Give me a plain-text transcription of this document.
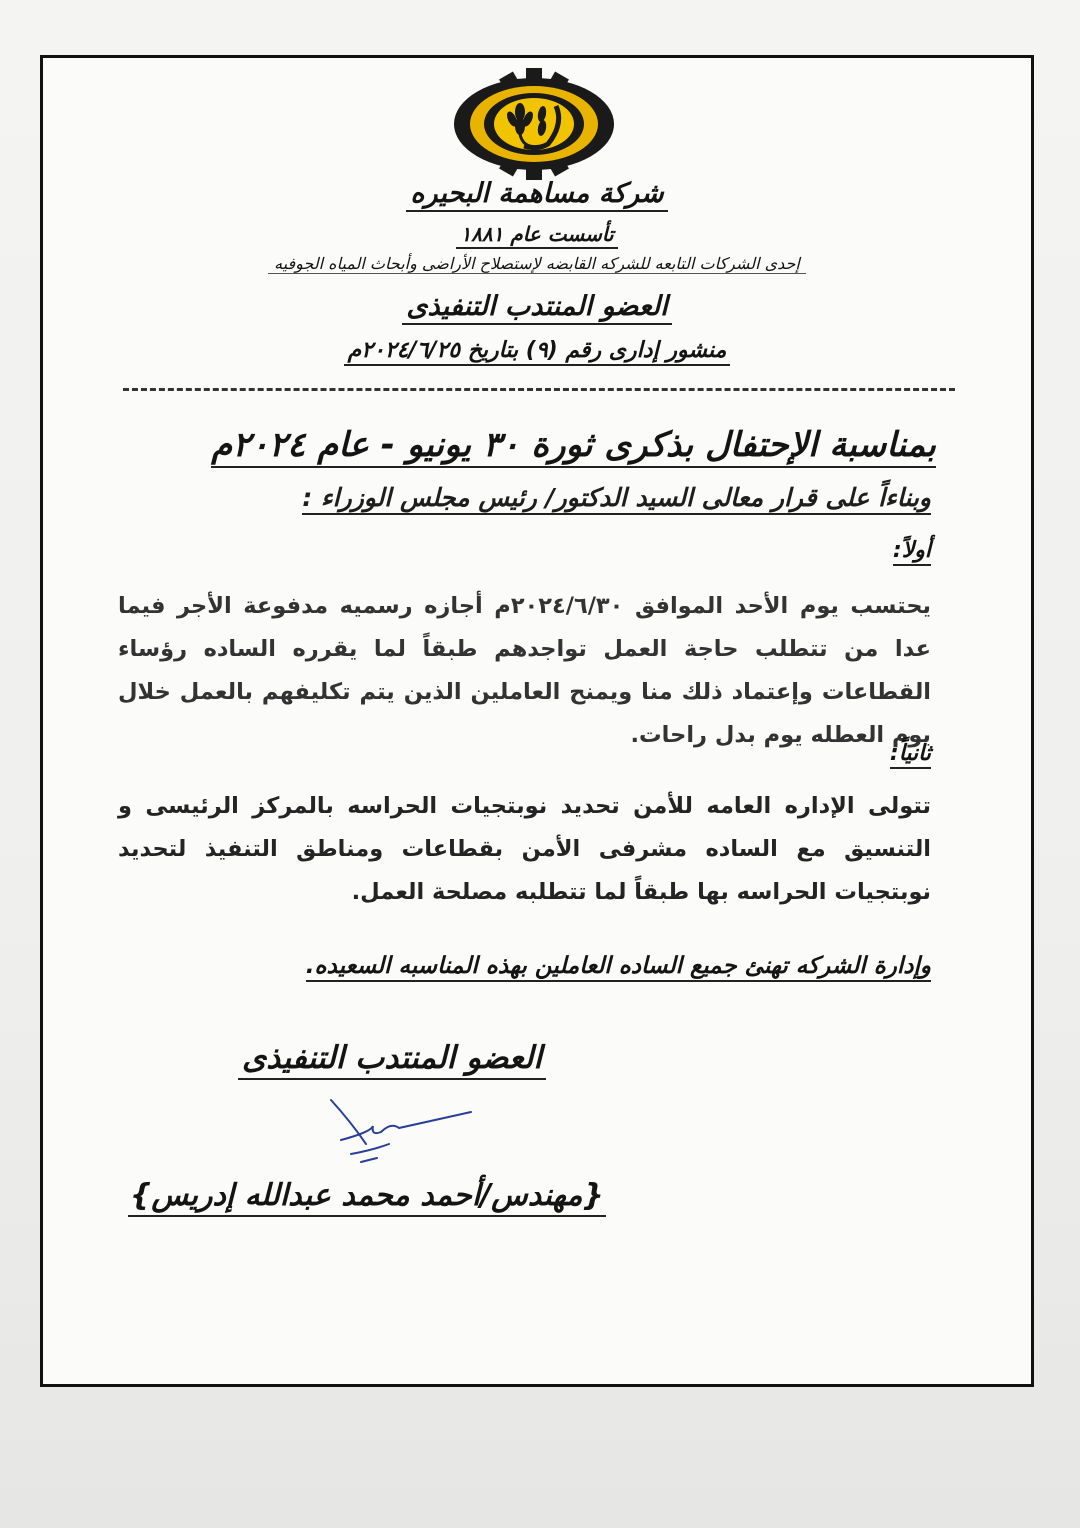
شركة مساهمة البحيره
تأسست عام ١٨٨١
إحدى الشركات التابعه للشركه القابضه لإستصلاح الأراضى وأبحاث المياه الجوفيه
العضو المنتدب التنفيذى
منشور إدارى رقم (٩) بتاريخ ٢٠٢٤/٦/٢٥م
بمناسبة الإحتفال بذكرى ثورة ٣٠ يونيو - عام ٢٠٢٤م
وبناءاً على قرار معالى السيد الدكتور/ رئيس مجلس الوزراء :
أولاً:
يحتسب يوم الأحد الموافق ٢٠٢٤/٦/٣٠م أجازه رسميه مدفوعة الأجر فيما عدا من تتطلب حاجة العمل تواجدهم طبقاً لما يقرره الساده رؤساء القطاعات وإعتماد ذلك منا ويمنح العاملين الذين يتم تكليفهم بالعمل خلال يوم العطله يوم بدل راحات.
ثانياً:
تتولى الإداره العامه للأمن تحديد نوبتجيات الحراسه بالمركز الرئيسى و التنسيق مع الساده مشرفى الأمن بقطاعات ومناطق التنفيذ لتحديد نوبتجيات الحراسه بها طبقاً لما تتطلبه مصلحة العمل.
وإدارة الشركه تهنئ جميع الساده العاملين بهذه المناسبه السعيده.
العضو المنتدب التنفيذى
{مهندس/أحمد محمد عبدالله إدريس}
